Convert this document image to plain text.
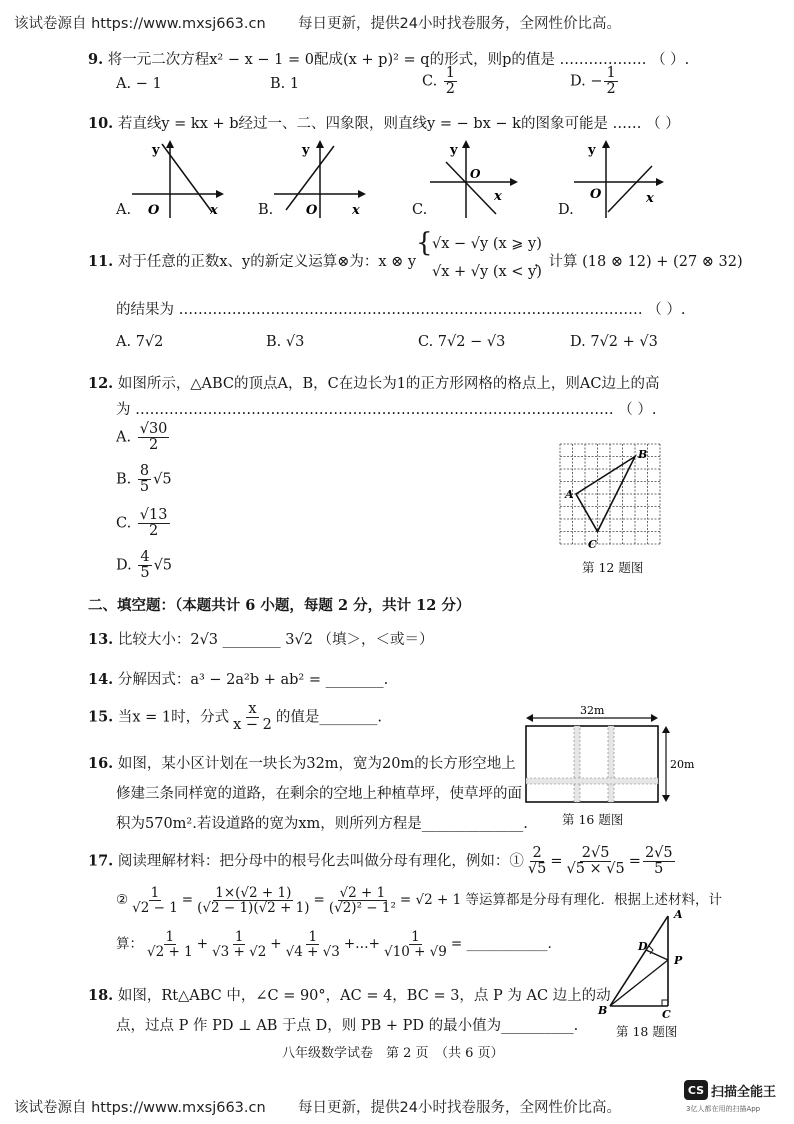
该试卷源自 https://www.mxsj663.cn 每日更新，提供24小时找卷服务，全网性价比高。
9. 将一元二次方程x² − x − 1 = 0配成(x + p)² = q的形式，则p的值是 ……………… （ ）.
A. − 1	B. 1	C. $\frac{1}{2}$	D. − $\frac{1}{2}$
10. 若直线y = kx + b经过一、二、四象限，则直线y = − bx − k的图象可能是 …… （ ）
A.
y
x
O	B.
y
x
O	C.
y
x
O
D.
y
x
O
11. 对于任意的正数x、y的新定义运算⊗为：x ⊗ y
{ √x − √y (x ⩾ y)
√x + √y (x < y)
，计算 (18 ⊗ 12) + (27 ⊗ 32)
的结果为 …………………………………………………………………………………… （ ）.
A. 7√2	B. √3	C. 7√2 − √3	D. 7√2 + √3
12. 如图所示，△ABC的顶点A，B，C在边长为1的正方形网格的格点上，则AC边上的高
为 ……………………………………………………………………………………… （ ）.
A. $\frac{√30}{2}$
B. $\frac{8}{5} √5$
C. $\frac{√13}{2}$
D. $\frac{4}{5} √5$
B
A
C
第 12 题图
二、填空题：（本题共计 6 小题，每题 2 分，共计 12 分）
13. 比较大小：2√3 ________ 3√2 （填＞，＜或＝）
14. 分解因式：a³ − 2a²b + ab² = ________.
15. 当x = 1时，分式 $\frac{x}{x - 2}$ 的值是________.
16. 如图，某小区计划在一块长为32m，宽为20m的长方形空地上
修建三条同样宽的道路，在剩余的空地上种植草坪，使草坪的面
积为570m².若设道路的宽为xm，则所列方程是______________.
32m
20m
第 16 题图
17. 阅读理解材料：把分母中的根号化去叫做分母有理化，例如：① $\frac{2}{√5} = \frac{2√5}{√5 \times √5} = \frac{2√5}{5}$
② $\frac{1}{√2 - 1} = \frac{1\times(√2 + 1)}{(√2 - 1)(√2 + 1)} = \frac{√2 + 1}{\text{(√2)² − 1²}} = √2 + 1$ 等运算都是分母有理化．根据上述材料，计
算： $\frac{1}{√2 + 1} + \frac{1}{√3 + √2} + \frac{1}{√4 + √3}$ +…+ $\frac{1}{√10 + √9}$ = ____________.
18. 如图，Rt△ABC 中，∠C = 90°，AC = 4，BC = 3，点 P 为 AC 边上的动
点，过点 P 作 PD ⊥ AB 于点 D，则 PB + PD 的最小值为__________.
A
B	C
D
P
第 18 题图
八年级数学试卷　第 2 页　（共 6 页）
该试卷源自 https://www.mxsj663.cn 每日更新，提供24小时找卷服务，全网性价比高。
CS 扫描全能王
3亿人都在用的扫描App
